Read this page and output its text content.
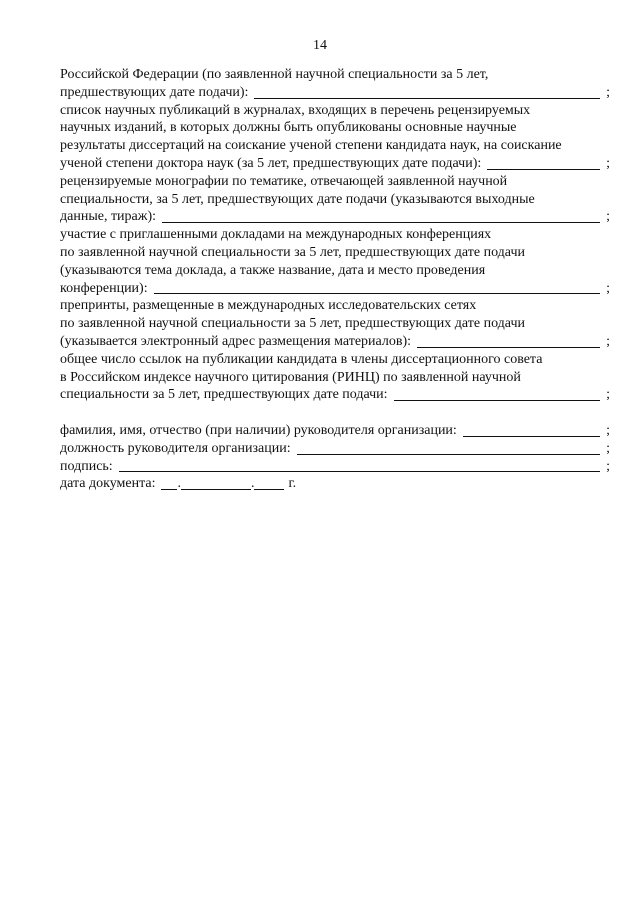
14
Российской Федерации (по заявленной научной специальности за 5 лет,
предшествующих дате подачи):	;
список научных публикаций в журналах, входящих в перечень рецензируемых
научных изданий, в которых должны быть опубликованы основные научные
результаты диссертаций на соискание ученой степени кандидата наук, на соискание
ученой степени доктора наук (за 5 лет, предшествующих дате подачи):	;
рецензируемые монографии по тематике, отвечающей заявленной научной
специальности, за 5 лет, предшествующих дате подачи (указываются выходные
данные, тираж):	;
участие с приглашенными докладами на международных конференциях
по заявленной научной специальности за 5 лет, предшествующих дате подачи
(указываются тема доклада, а также название, дата и место проведения
конференции):	;
препринты, размещенные в международных исследовательских сетях
по заявленной научной специальности за 5 лет, предшествующих дате подачи
(указывается электронный адрес размещения материалов):	;
общее число ссылок на публикации кандидата в члены диссертационного совета
в Российском индексе научного цитирования (РИНЦ) по заявленной научной
специальности за 5 лет, предшествующих дате подачи:	;
фамилия, имя, отчество (при наличии) руководителя организации:	;
должность руководителя организации:	;
подпись:	;
дата документа: .	. г.
